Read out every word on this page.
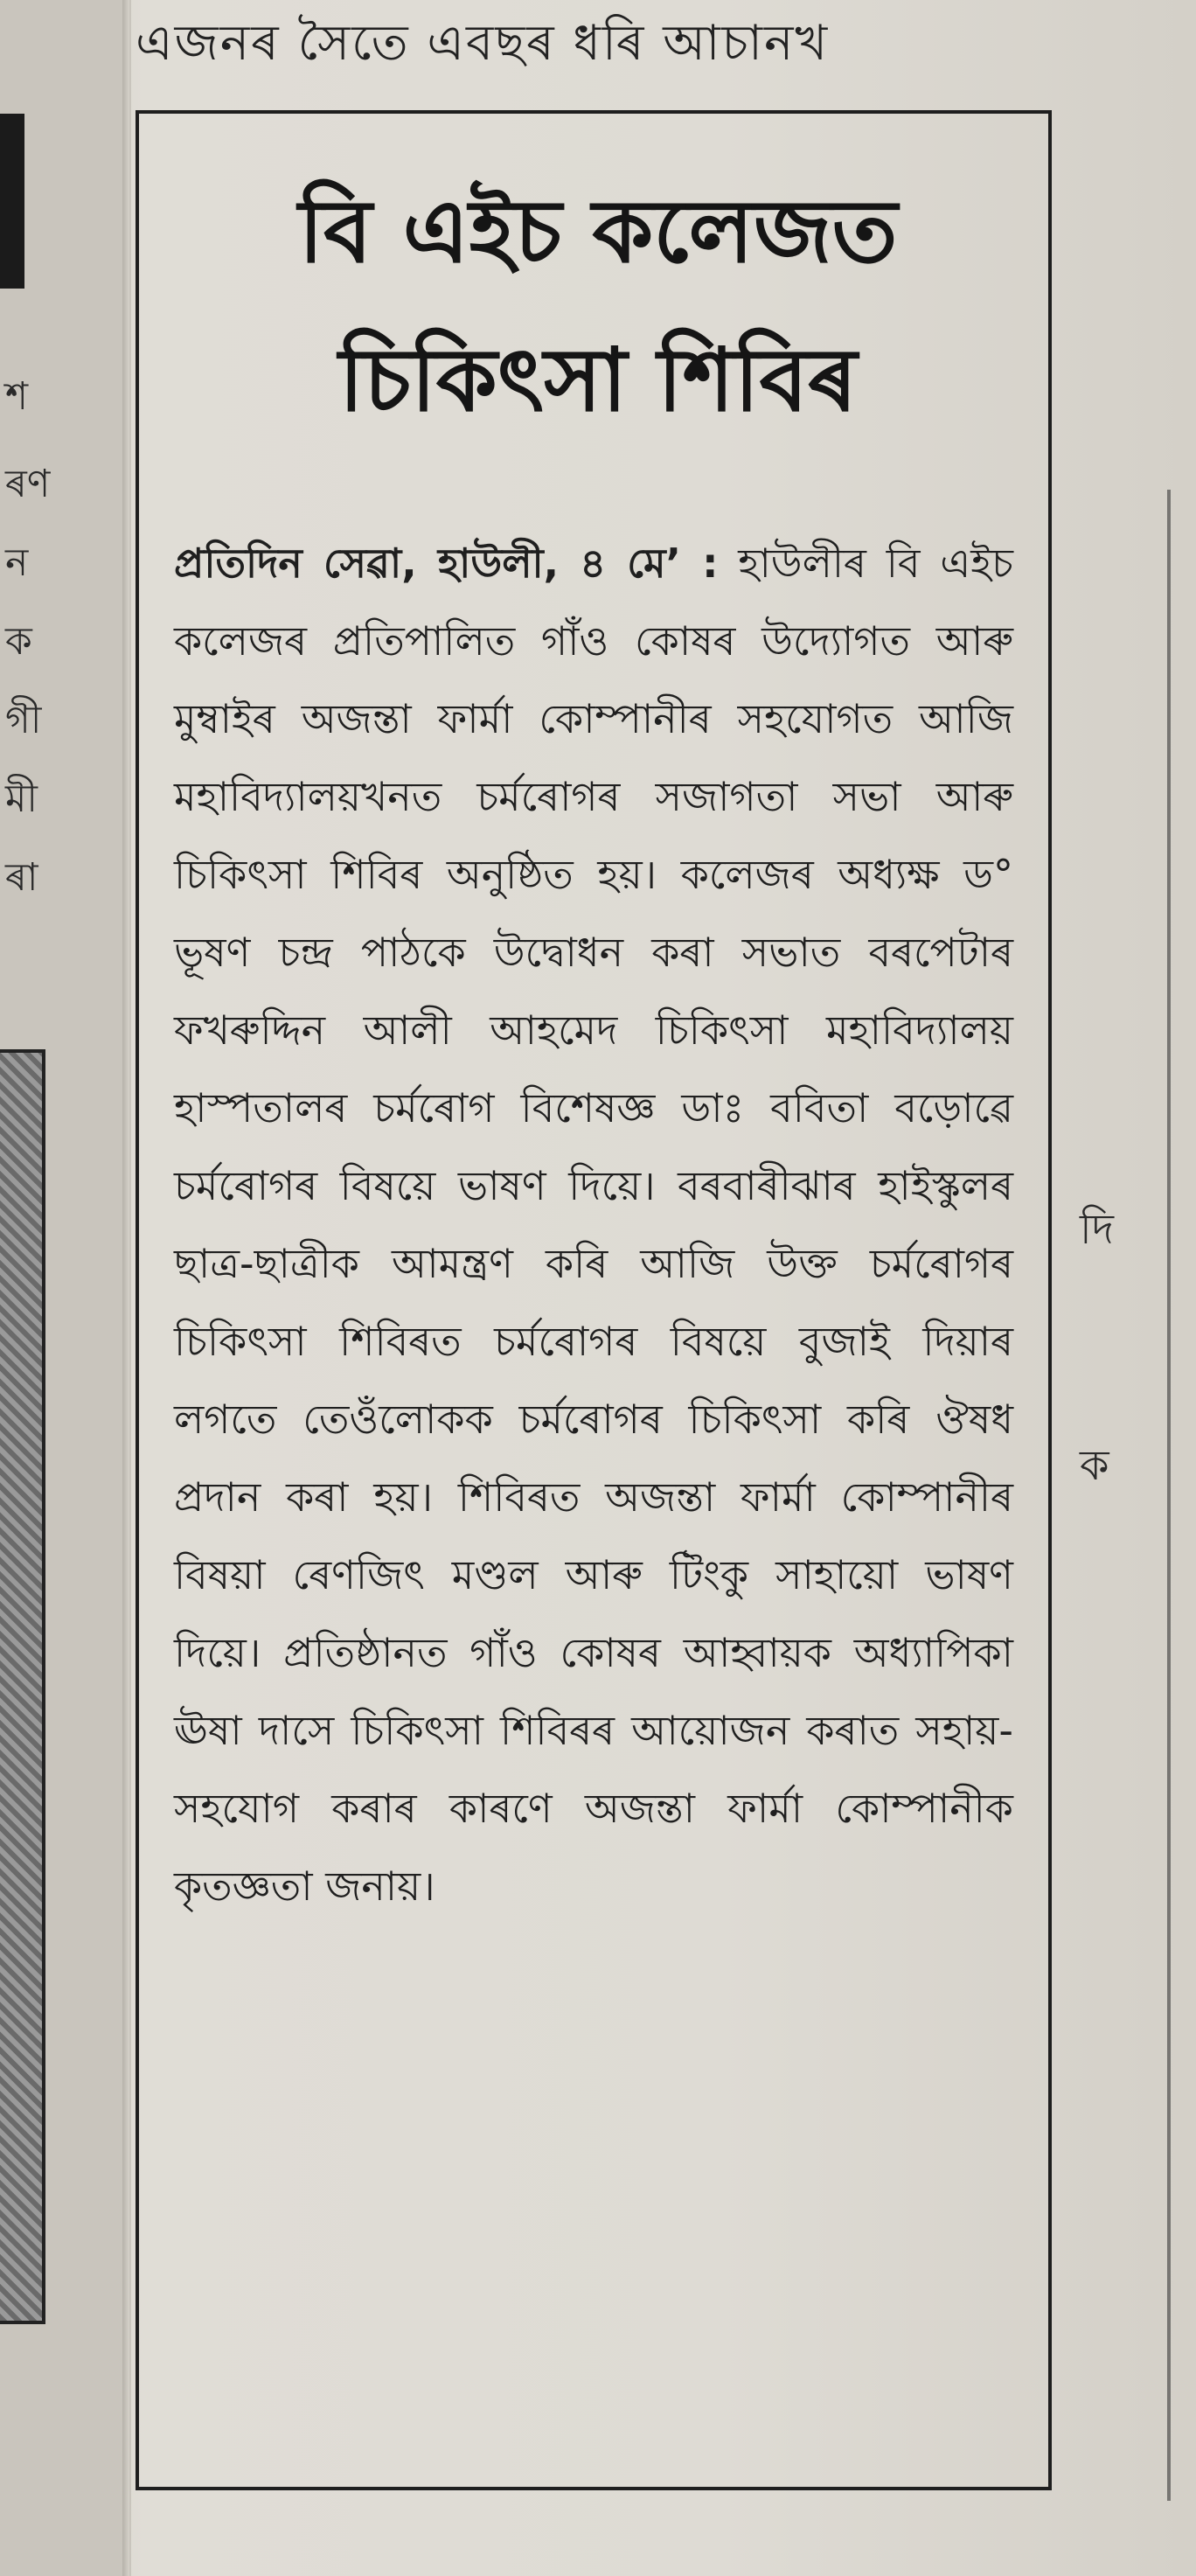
শ
ৰণ
ন
ক
গী
মী
ৰা
এজনৰ সৈতে এবছৰ ধৰি আচানখ
বি এইচ কলেজত
চিকিৎসা শিবিৰ

প্ৰতিদিন সেৱা, হাউলী, ৪ মে’ : হাউলীৰ বি এইচ কলেজৰ প্ৰতিপালিত গাঁও কোষৰ উদ্যোগত আৰু মুম্বাইৰ অজন্তা ফাৰ্মা কোম্পানীৰ সহযোগত আজি মহাবিদ্যালয়খনত চৰ্মৰোগৰ সজাগতা সভা আৰু চিকিৎসা শিবিৰ অনুষ্ঠিত হয়। কলেজৰ অধ্যক্ষ ড° ভূষণ চন্দ্ৰ পাঠকে উদ্বোধন কৰা সভাত বৰপেটাৰ ফখৰুদ্দিন আলী আহমেদ চিকিৎসা মহাবিদ্যালয় হাস্পতালৰ চৰ্মৰোগ বিশেষজ্ঞ ডাঃ ববিতা বড়োৱে চৰ্মৰোগৰ বিষয়ে ভাষণ দিয়ে। বৰবাৰীঝাৰ হাইস্কুলৰ ছাত্ৰ-ছাত্ৰীক আমন্ত্ৰণ কৰি আজি উক্ত চৰ্মৰোগৰ চিকিৎসা শিবিৰত চৰ্মৰোগৰ বিষয়ে বুজাই দিয়াৰ লগতে তেওঁলোকক চৰ্মৰোগৰ চিকিৎসা কৰি ঔষধ প্ৰদান কৰা হয়। শিবিৰত অজন্তা ফাৰ্মা কোম্পানীৰ বিষয়া ৰেণজিৎ মণ্ডল আৰু টিংকু সাহায়ো ভাষণ দিয়ে। প্ৰতিষ্ঠানত গাঁও কোষৰ আহ্বায়ক অধ্যাপিকা ঊষা দাসে চিকিৎসা শিবিৰৰ আয়োজন কৰাত সহায়-সহযোগ কৰাৰ কাৰণে অজন্তা ফাৰ্মা কোম্পানীক কৃতজ্ঞতা জনায়।

দি
ক
